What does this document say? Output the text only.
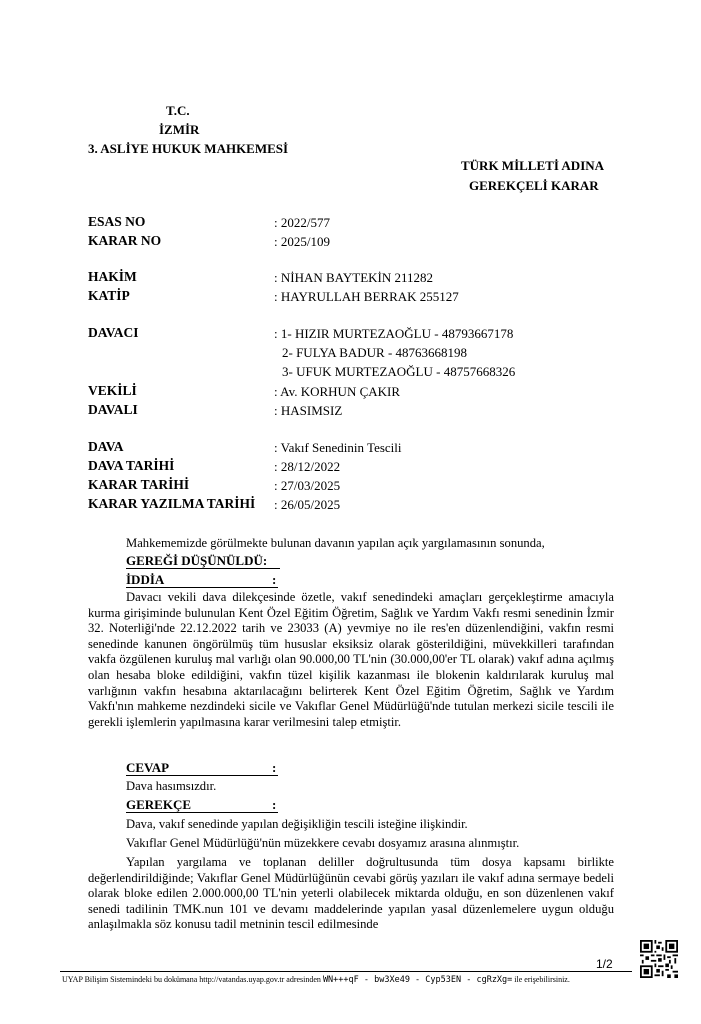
T.C.
İZMİR
3. ASLİYE HUKUK MAHKEMESİ
TÜRK MİLLETİ ADINA
GEREKÇELİ KARAR
ESAS NO	: 2022/577
KARAR NO	: 2025/109
HAKİM	: NİHAN BAYTEKİN 211282
KATİP	: HAYRULLAH BERRAK 255127
DAVACI	: 1- HIZIR MURTEZAOĞLU - 48793667178
2- FULYA BADUR - 48763668198
3- UFUK MURTEZAOĞLU - 48757668326
VEKİLİ	: Av. KORHUN ÇAKIR
DAVALI	: HASIMSIZ
DAVA	: Vakıf Senedinin Tescili
DAVA TARİHİ	: 28/12/2022
KARAR TARİHİ	: 27/03/2025
KARAR YAZILMA TARİHİ : 26/05/2025
Mahkememizde görülmekte bulunan davanın yapılan açık yargılamasının sonunda,
GEREĞİ DÜŞÜNÜLDÜ:
İDDİA	:
Davacı vekili dava dilekçesinde özetle, vakıf senedindeki amaçları gerçekleştirme amacıyla kurma girişiminde bulunulan Kent Özel Eğitim Öğretim, Sağlık ve Yardım Vakfı resmi senedinin İzmir 32. Noterliği'nde 22.12.2022 tarih ve 23033 (A) yevmiye no ile res'en düzenlendiğini, vakfın resmi senedinde kanunen öngörülmüş tüm hususlar eksiksiz olarak gösterildiğini, müvekkilleri tarafından vakfa özgülenen kuruluş mal varlığı olan 90.000,00 TL'nin (30.000,00'er TL olarak) vakıf adına açılmış olan hesaba bloke edildiğini, vakfın tüzel kişilik kazanması ile blokenin kaldırılarak kuruluş mal varlığının vakfın hesabına aktarılacağını belirterek Kent Özel Eğitim Öğretim, Sağlık ve Yardım Vakfı'nın mahkeme nezdindeki sicile ve Vakıflar Genel Müdürlüğü'nde tutulan merkezi sicile tescili ile gerekli işlemlerin yapılmasına karar verilmesini talep etmiştir.
CEVAP	:
Dava hasımsızdır.
GEREKÇE	:
Dava, vakıf senedinde yapılan değişikliğin tescili isteğine ilişkindir.
Vakıflar Genel Müdürlüğü'nün müzekkere cevabı dosyamız arasına alınmıştır.
Yapılan yargılama ve toplanan deliller doğrultusunda tüm dosya kapsamı birlikte değerlendirildiğinde; Vakıflar Genel Müdürlüğünün cevabi görüş yazıları ile vakıf adına sermaye bedeli olarak bloke edilen 2.000.000,00 TL'nin yeterli olabilecek miktarda olduğu, en son düzenlenen vakıf senedi tadilinin TMK.nun 101 ve devamı maddelerinde yapılan yasal düzenlemelere uygun olduğu anlaşılmakla söz konusu tadil metninin tescil edilmesinde
1/2
UYAP Bilişim Sistemindeki bu dokümana http://vatandas.uyap.gov.tr adresinden WN+++qF - bw3Xe49 - Cyp53EN - cgRzXg= ile erişebilirsiniz.
